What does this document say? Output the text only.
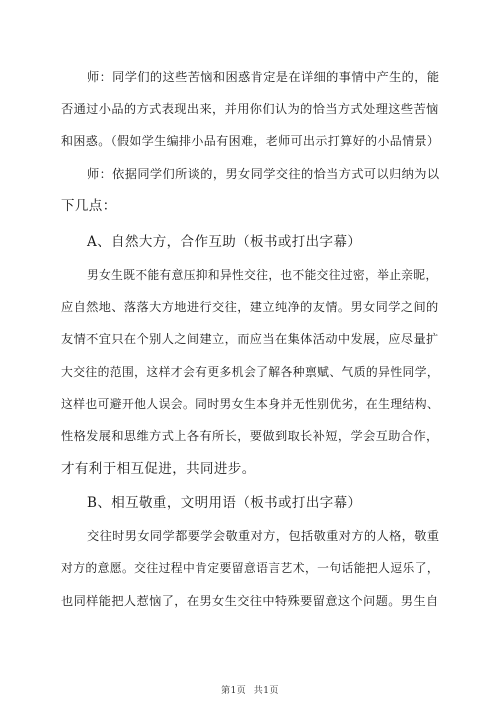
师：同学们的这些苦恼和困惑肯定是在详细的事情中产生的，能
否通过小品的方式表现出来，并用你们认为的恰当方式处理这些苦恼
和困惑。（假如学生编排小品有困难，老师可出示打算好的小品情景）
师：依据同学们所谈的，男女同学交往的恰当方式可以归纳为以
下几点：
A、自然大方，合作互助（板书或打出字幕）
男女生既不能有意压抑和异性交往，也不能交往过密，举止亲昵，
应自然地、落落大方地进行交往，建立纯净的友情。男女同学之间的
友情不宜只在个别人之间建立，而应当在集体活动中发展，应尽量扩
大交往的范围，这样才会有更多机会了解各种禀赋、气质的异性同学，
这样也可避开他人误会。同时男女生本身并无性别优劣，在生理结构、
性格发展和思维方式上各有所长，要做到取长补短，学会互助合作，
才有利于相互促进，共同进步。
B、相互敬重，文明用语（板书或打出字幕）
交往时男女同学都要学会敬重对方，包括敬重对方的人格，敬重
对方的意愿。交往过程中肯定要留意语言艺术，一句话能把人逗乐了，
也同样能把人惹恼了，在男女生交往中特殊要留意这个问题。男生自
第1页 共1页
